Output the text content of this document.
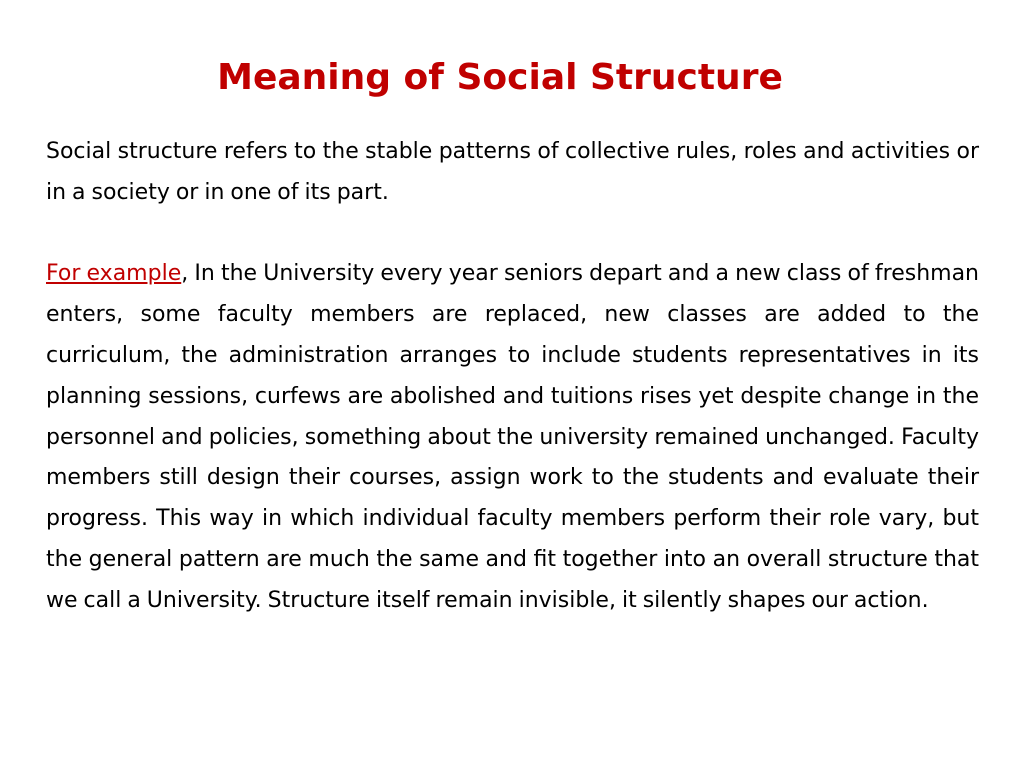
Meaning of Social Structure

Social structure refers to the stable patterns of collective rules, roles and activities or in a society or in one of its part.

For example, In the University every year seniors depart and a new class of freshman enters, some faculty members are replaced, new classes are added to the curriculum, the administration arranges to include students representatives in its planning sessions, curfews are abolished and tuitions rises yet despite change in the personnel and policies, something about the university remained unchanged. Faculty members still design their courses, assign work to the students and evaluate their progress. This way in which individual faculty members perform their role vary, but the general pattern are much the same and fit together into an overall structure that we call a University. Structure itself remain invisible, it silently shapes our action.
